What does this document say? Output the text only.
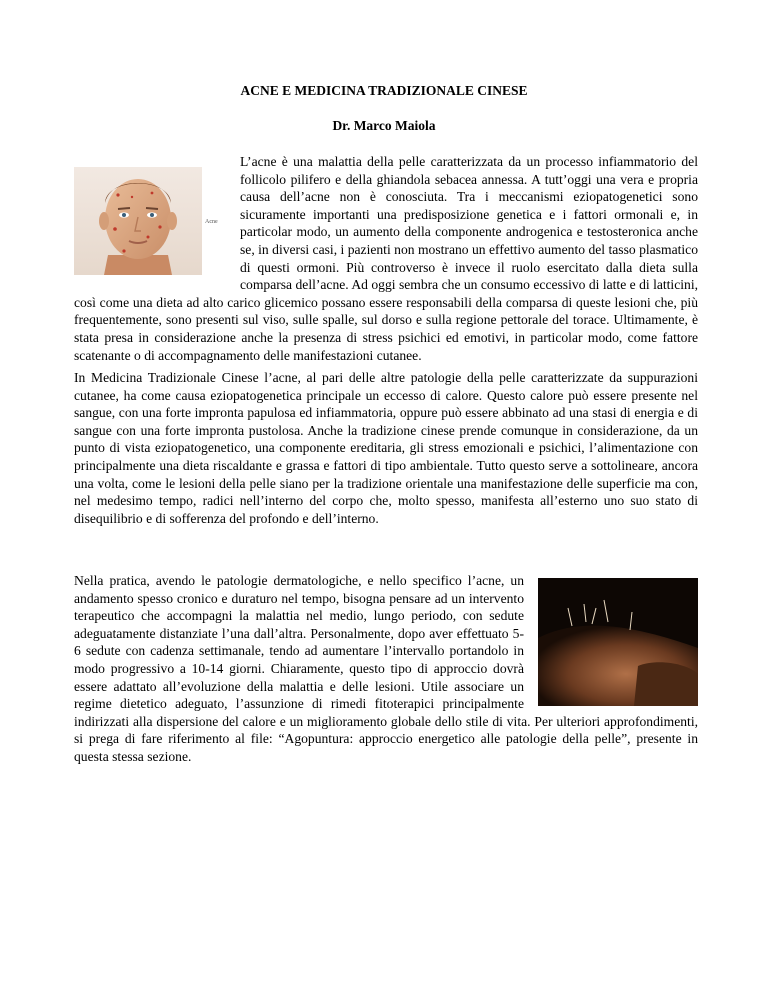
ACNE E MEDICINA TRADIZIONALE CINESE
Dr. Marco Maiola
Acne

L’acne è una malattia della pelle caratterizzata da un processo infiammatorio del follicolo pilifero e della ghiandola sebacea annessa. A tutt’oggi una vera e propria causa dell’acne non è conosciuta. Tra i meccanismi eziopatogenetici sono sicuramente importanti una predisposizione genetica e i fattori ormonali e, in particolar modo, un aumento della componente androgenica e testosteronica anche se, in diversi casi, i pazienti non mostrano un effettivo aumento del tasso plasmatico di questi ormoni. Più controverso è invece il ruolo esercitato dalla dieta sulla comparsa dell’acne. Ad oggi sembra che un consumo eccessivo di latte e di latticini, così come una dieta ad alto carico glicemico possano essere responsabili della comparsa di queste lesioni che, più frequentemente, sono presenti sul viso, sulle spalle, sul dorso e sulla regione pettorale del torace. Ultimamente, è stata presa in considerazione anche la presenza di stress psichici ed emotivi, in particolar modo, come fattore scatenante o di accompagnamento delle manifestazioni cutanee.

In Medicina Tradizionale Cinese l’acne, al pari delle altre patologie della pelle caratterizzate da suppurazioni cutanee, ha come causa eziopatogenetica principale un eccesso di calore. Questo calore può essere presente nel sangue, con una forte impronta papulosa ed infiammatoria, oppure può essere abbinato ad una stasi di energia e di sangue con una forte impronta pustolosa. Anche la tradizione cinese prende comunque in considerazione, da un punto di vista eziopatogenetico, una componente ereditaria, gli stress emozionali e psichici, l’alimentazione con principalmente una dieta riscaldante e grassa e fattori di tipo ambientale. Tutto questo serve a sottolineare, ancora una volta, come le lesioni della pelle siano per la tradizione orientale una manifestazione delle superficie ma con, nel medesimo tempo, radici nell’interno del corpo che, molto spesso, manifesta all’esterno uno suo stato di disequilibrio e di sofferenza del profondo e dell’interno.

Nella pratica, avendo le patologie dermatologiche, e nello specifico l’acne, un andamento spesso cronico e duraturo nel tempo, bisogna pensare ad un intervento terapeutico che accompagni la malattia nel medio, lungo periodo, con sedute adeguatamente distanziate l’una dall’altra. Personalmente, dopo aver effettuato 5-6 sedute con cadenza settimanale, tendo ad aumentare l’intervallo portandolo in modo progressivo a 10-14 giorni. Chiaramente, questo tipo di approccio dovrà essere adattato all’evoluzione della malattia e delle lesioni. Utile associare un regime dietetico adeguato, l’assunzione di rimedi fitoterapici principalmente indirizzati alla dispersione del calore e un miglioramento globale dello stile di vita. Per ulteriori approfondimenti, si prega di fare riferimento al file: “Agopuntura: approccio energetico alle patologie della pelle”, presente in questa stessa sezione.
